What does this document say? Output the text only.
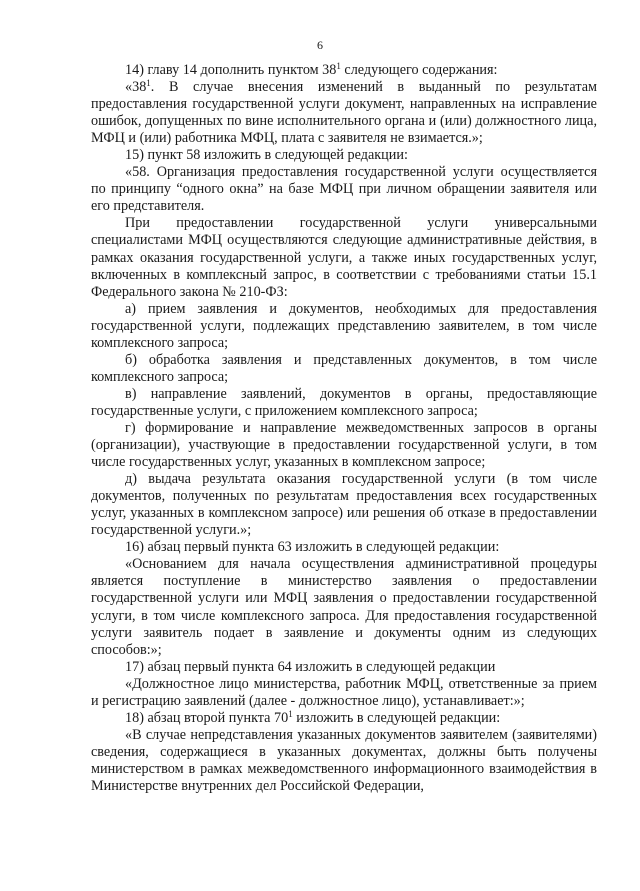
6

14) главу 14 дополнить пунктом $38^1$ следующего содержания:

«$38^1$. В случае внесения изменений в выданный по результатам предоставления государственной услуги документ, направленных на исправление ошибок, допущенных по вине исполнительного органа и (или) должностного лица, МФЦ и (или) работника МФЦ, плата с заявителя не взимается.»;

15) пункт 58 изложить в следующей редакции:

«58. Организация предоставления государственной услуги осуществляется по принципу “одного окна” на базе МФЦ при личном обращении заявителя или его представителя.

При предоставлении государственной услуги универсальными специалистами МФЦ осуществляются следующие административные действия, в рамках оказания государственной услуги, а также иных государственных услуг, включенных в комплексный запрос, в соответствии с требованиями статьи 15.1 Федерального закона № 210-ФЗ:

а) прием заявления и документов, необходимых для предоставления государственной услуги, подлежащих представлению заявителем, в том числе комплексного запроса;

б) обработка заявления и представленных документов, в том числе комплексного запроса;

в) направление заявлений, документов в органы, предоставляющие государственные услуги, с приложением комплексного запроса;

г) формирование и направление межведомственных запросов в органы (организации), участвующие в предоставлении государственной услуги, в том числе государственных услуг, указанных в комплексном запросе;

д) выдача результата оказания государственной услуги (в том числе документов, полученных по результатам предоставления всех государственных услуг, указанных в комплексном запросе) или решения об отказе в предоставлении государственной услуги.»;

16) абзац первый пункта 63 изложить в следующей редакции:

«Основанием для начала осуществления административной процедуры является поступление в министерство заявления о предоставлении государственной услуги или МФЦ заявления о предоставлении государственной услуги, в том числе комплексного запроса. Для предоставления государственной услуги заявитель подает в заявление и документы одним из следующих способов:»;

17) абзац первый пункта 64 изложить в следующей редакции

«Должностное лицо министерства, работник МФЦ, ответственные за прием и регистрацию заявлений (далее - должностное лицо), устанавливает:»;

18) абзац второй пункта $70^1$ изложить в следующей редакции:

«В случае непредставления указанных документов заявителем (заявителями) сведения, содержащиеся в указанных документах, должны быть получены министерством в рамках межведомственного информационного взаимодействия в Министерстве внутренних дел Российской Федерации,
